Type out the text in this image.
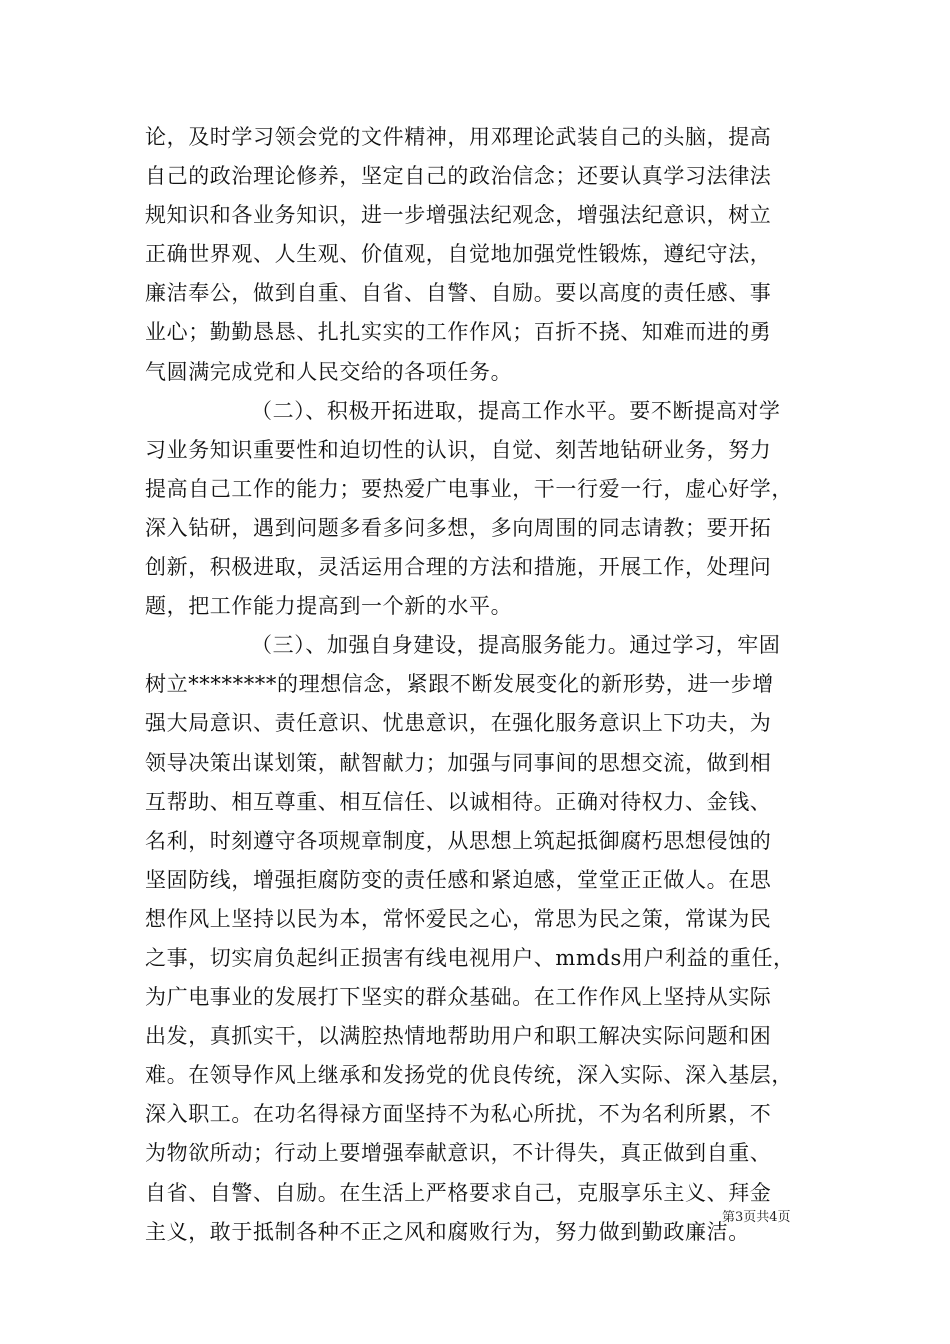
论，及时学习领会党的文件精神，用邓理论武装自己的头脑，提高
自己的政治理论修养，坚定自己的政治信念；还要认真学习法律法
规知识和各业务知识，进一步增强法纪观念，增强法纪意识，树立
正确世界观、人生观、价值观，自觉地加强党性锻炼，遵纪守法，
廉洁奉公，做到自重、自省、自警、自励。要以高度的责任感、事
业心；勤勤恳恳、扎扎实实的工作作风；百折不挠、知难而进的勇
气圆满完成党和人民交给的各项任务。
（二）、积极开拓进取，提高工作水平。要不断提高对学
习业务知识重要性和迫切性的认识，自觉、刻苦地钻研业务，努力
提高自己工作的能力；要热爱广电事业，干一行爱一行，虚心好学，
深入钻研，遇到问题多看多问多想，多向周围的同志请教；要开拓
创新，积极进取，灵活运用合理的方法和措施，开展工作，处理问
题，把工作能力提高到一个新的水平。
（三）、加强自身建设，提高服务能力。通过学习，牢固
树立********的理想信念，紧跟不断发展变化的新形势，进一步增
强大局意识、责任意识、忧患意识，在强化服务意识上下功夫，为
领导决策出谋划策，献智献力；加强与同事间的思想交流，做到相
互帮助、相互尊重、相互信任、以诚相待。正确对待权力、金钱、
名利，时刻遵守各项规章制度，从思想上筑起抵御腐朽思想侵蚀的
坚固防线，增强拒腐防变的责任感和紧迫感，堂堂正正做人。在思
想作风上坚持以民为本，常怀爱民之心，常思为民之策，常谋为民
之事，切实肩负起纠正损害有线电视用户、mmds用户利益的重任，
为广电事业的发展打下坚实的群众基础。在工作作风上坚持从实际
出发，真抓实干，以满腔热情地帮助用户和职工解决实际问题和困
难。在领导作风上继承和发扬党的优良传统，深入实际、深入基层，
深入职工。在功名得禄方面坚持不为私心所扰，不为名利所累，不
为物欲所动；行动上要增强奉献意识，不计得失，真正做到自重、
自省、自警、自励。在生活上严格要求自己，克服享乐主义、拜金
主义，敢于抵制各种不正之风和腐败行为，努力做到勤政廉洁。
第3页共4页
